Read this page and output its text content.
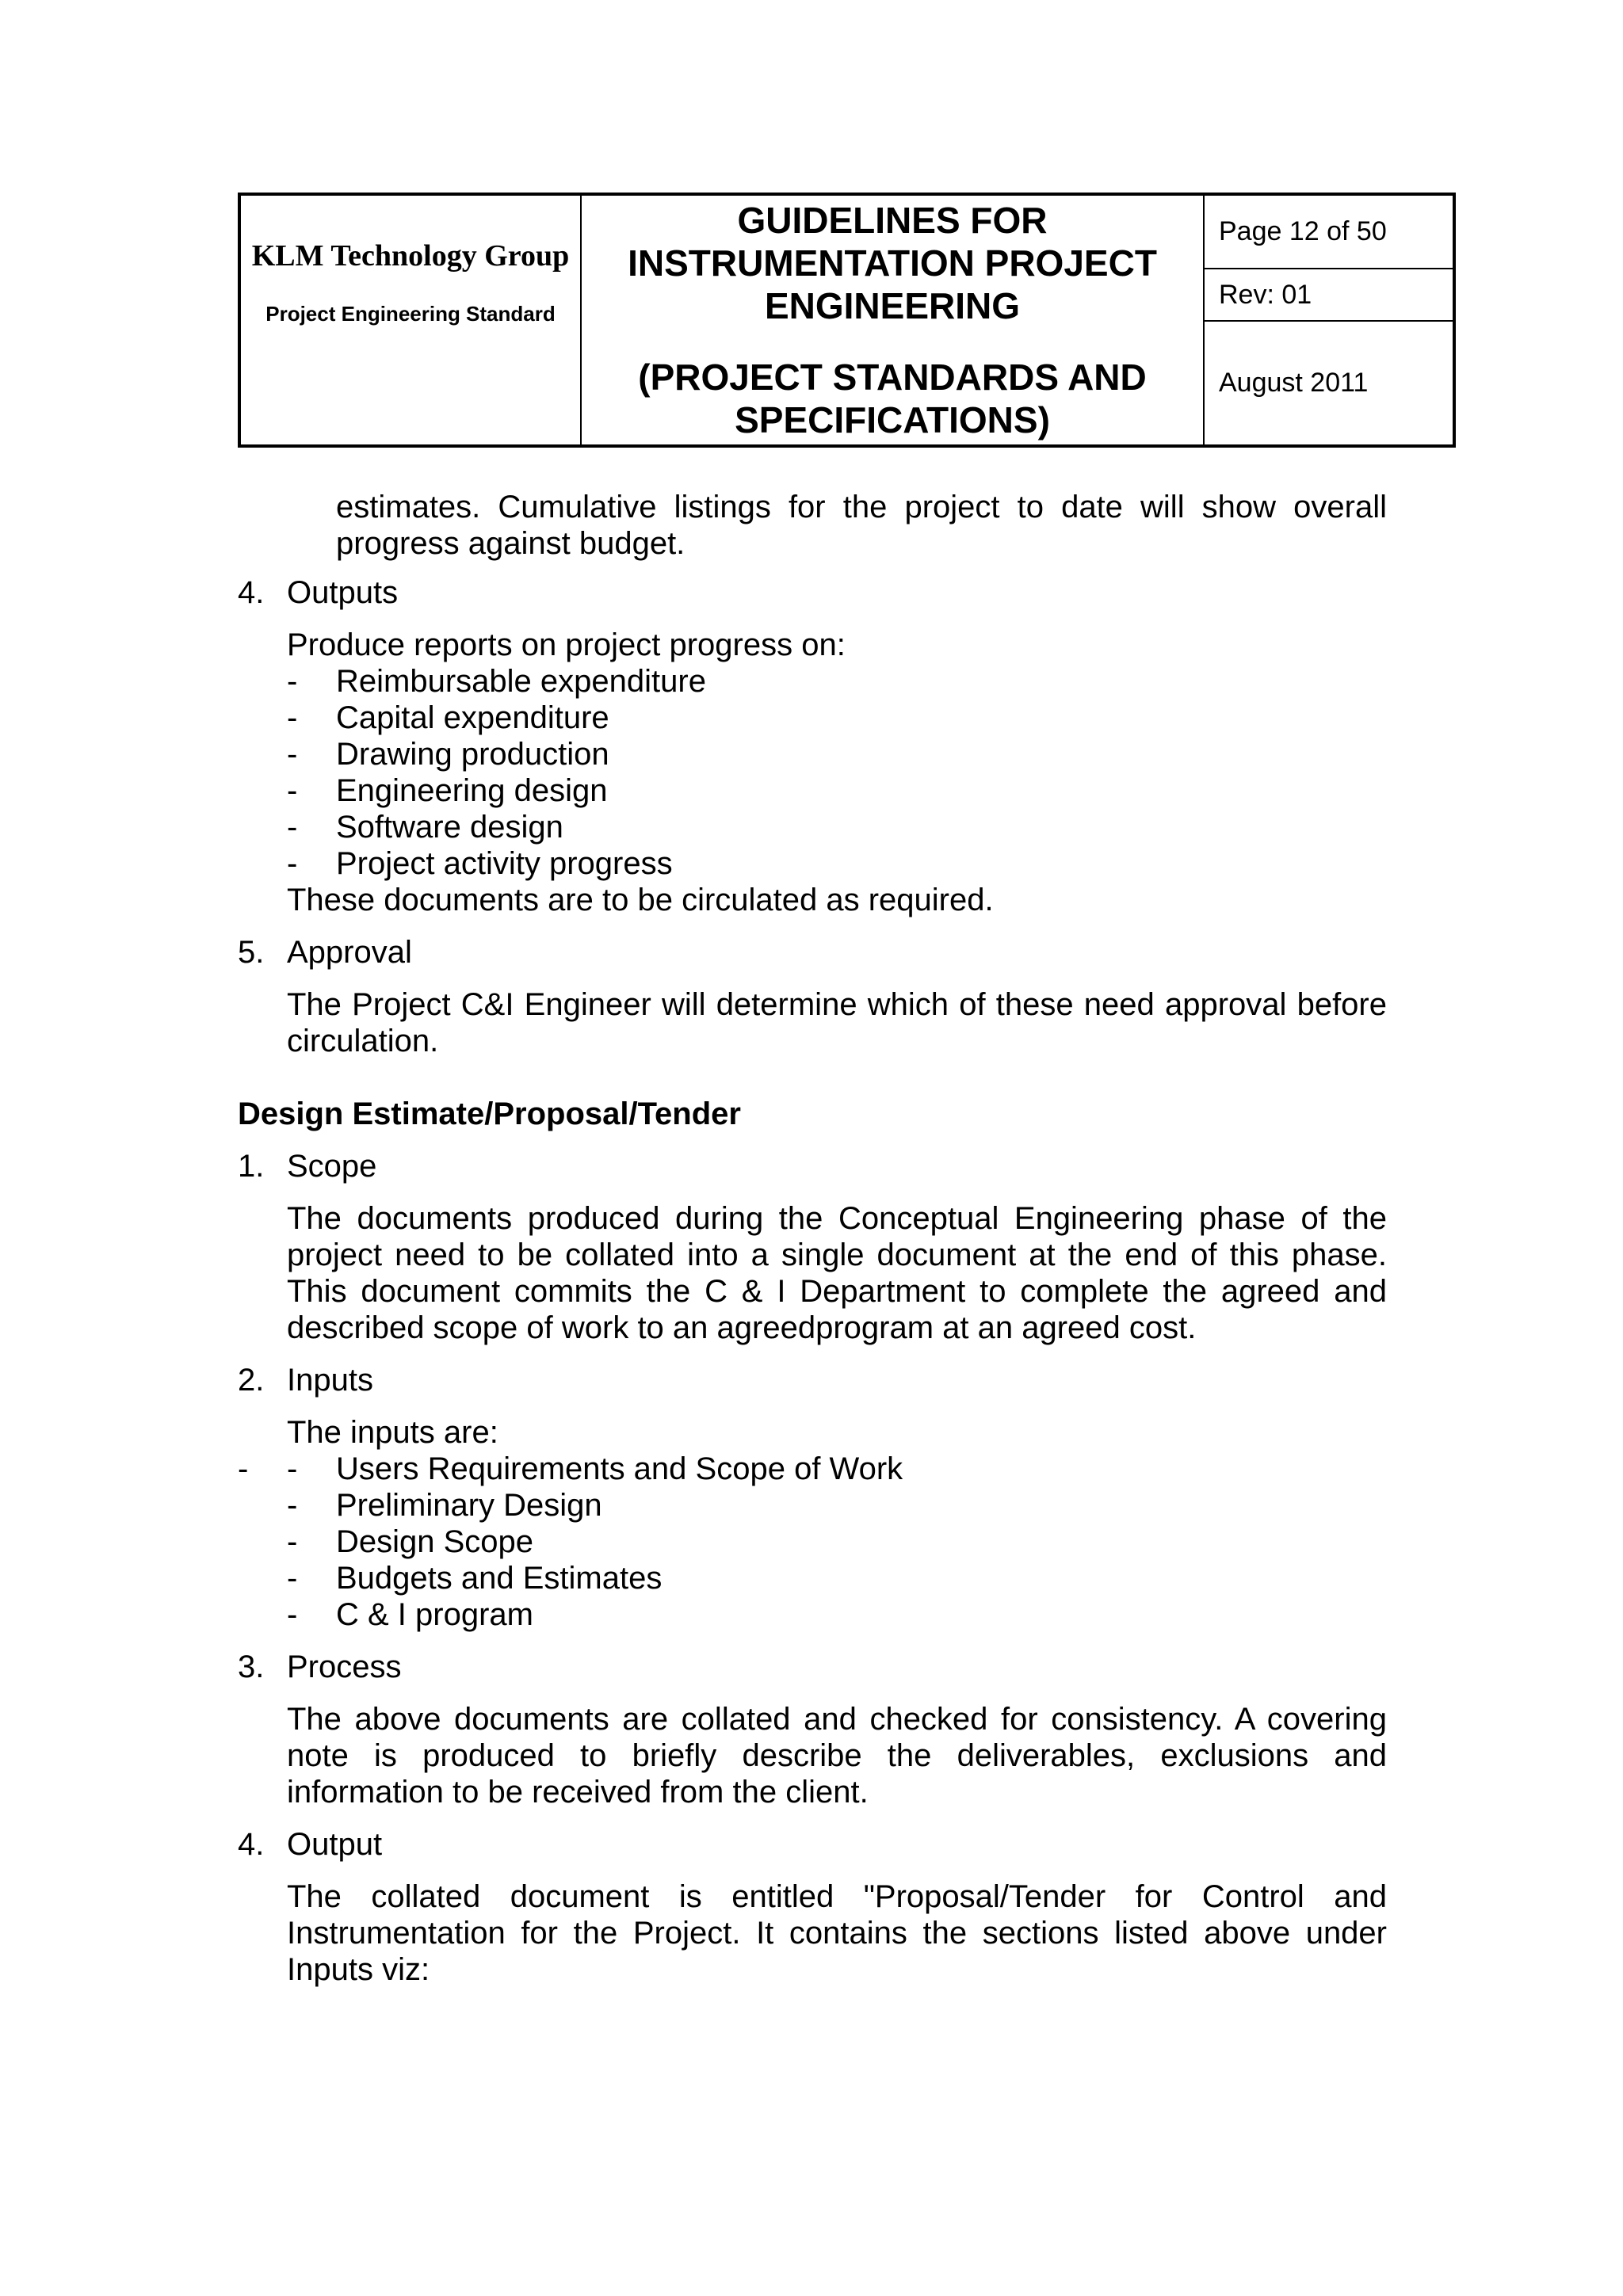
KLM Technology Group
Project Engineering Standard

GUIDELINES FOR INSTRUMENTATION PROJECT ENGINEERING
(PROJECT STANDARDS AND SPECIFICATIONS)
	Page 12 of 50
Rev: 01
August 2011
estimates. Cumulative listings for the project to date will show overall progress against budget.
4. Outputs
Produce reports on project progress on:
- Reimbursable expenditure
- Capital expenditure
- Drawing production
- Engineering design
- Software design
- Project activity progress
These documents are to be circulated as required.
5. Approval
The Project C&I Engineer will determine which of these need approval before circulation.
Design Estimate/Proposal/Tender
1. Scope
The documents produced during the Conceptual Engineering phase of the project need to be collated into a single document at the end of this phase. This document commits the C & I Department to complete the agreed and described scope of work to an agreedprogram at an agreed cost.
2. Inputs
The inputs are:
- - Users Requirements and Scope of Work
- Preliminary Design
- Design Scope
- Budgets and Estimates
- C & I program
3. Process
The above documents are collated and checked for consistency. A covering note is produced to briefly describe the deliverables, exclusions and information to be received from the client.
4. Output
The collated document is entitled "Proposal/Tender for Control and Instrumentation for the Project. It contains the sections listed above under Inputs viz:
